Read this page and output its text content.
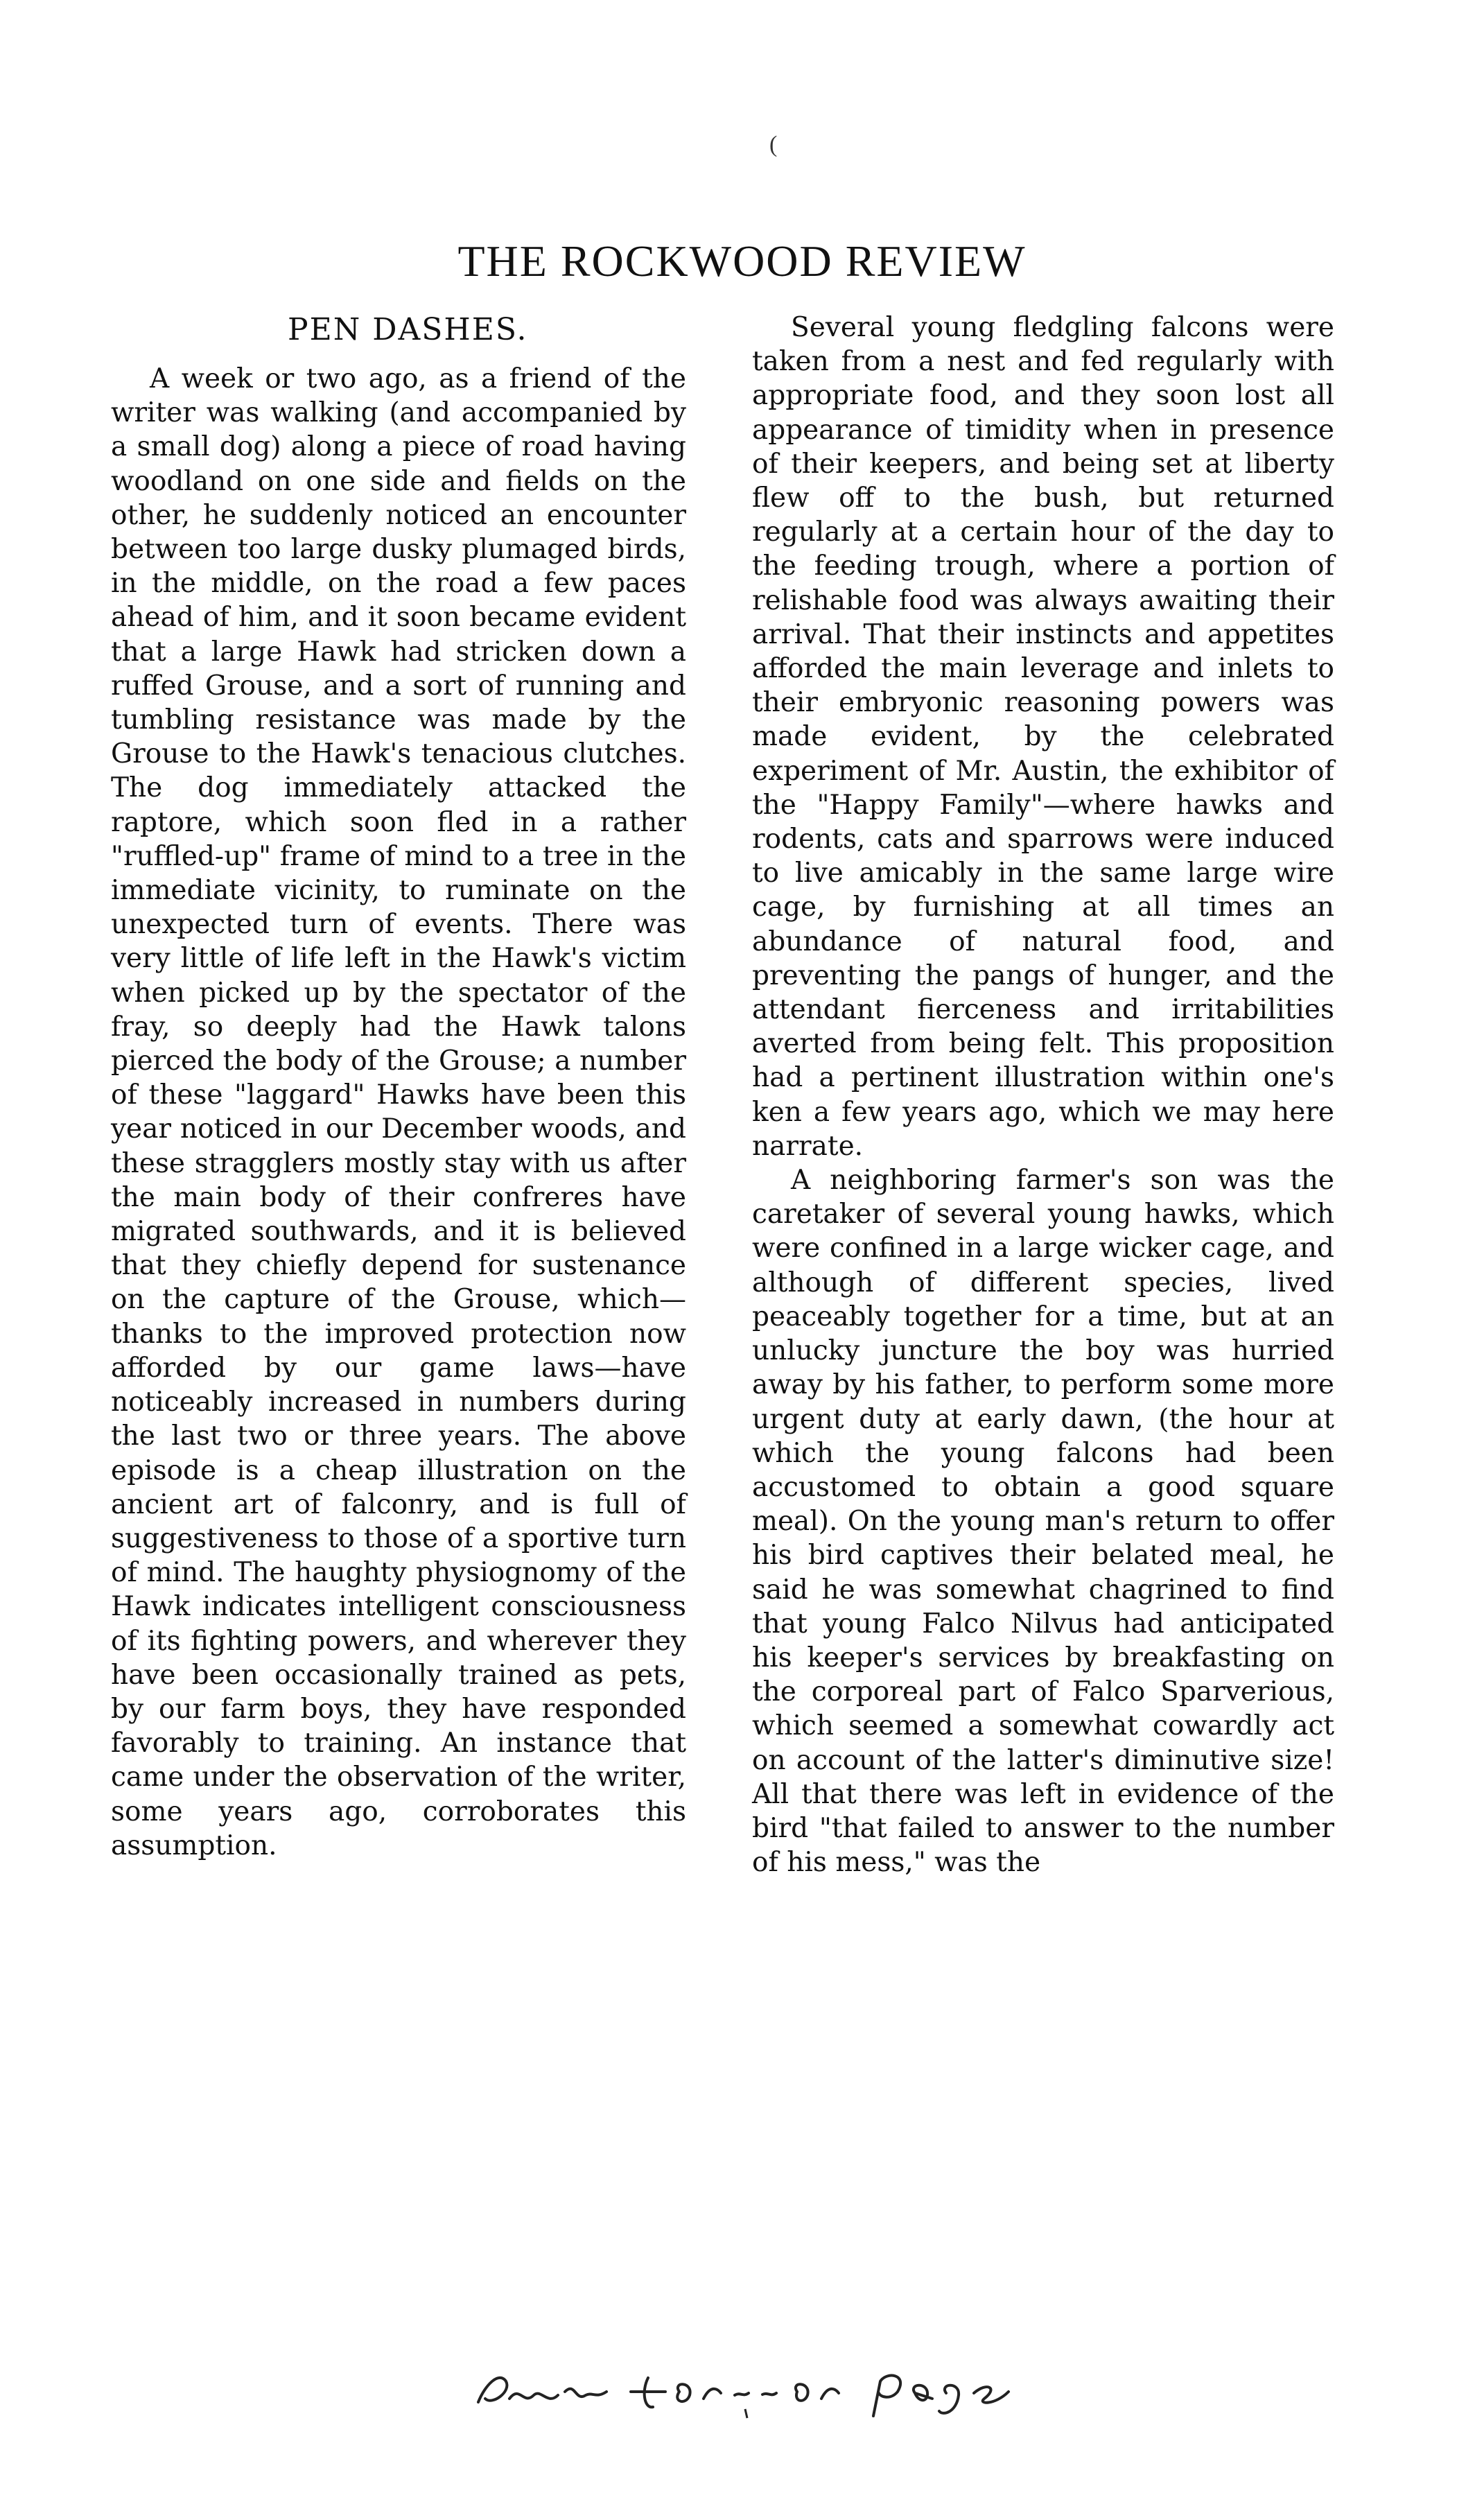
(
THE ROCKWOOD REVIEW
PEN DASHES.

A week or two ago, as a friend of the writer was walking (and accompanied by a small dog) along a piece of road having woodland on one side and fields on the other, he suddenly noticed an encounter between too large dusky plumaged birds, in the middle, on the road a few paces ahead of him, and it soon became evident that a large Hawk had stricken down a ruffed Grouse, and a sort of running and tumbling resistance was made by the Grouse to the Hawk's tenacious clutches. The dog immediately attacked the raptore, which soon fled in a rather "ruffled-up" frame of mind to a tree in the immediate vicinity, to ruminate on the unexpected turn of events. There was very little of life left in the Hawk's victim when picked up by the spectator of the fray, so deeply had the Hawk talons pierced the body of the Grouse; a number of these "laggard" Hawks have been this year noticed in our December woods, and these stragglers mostly stay with us after the main body of their confreres have migrated southwards, and it is believed that they chiefly depend for sustenance on the capture of the Grouse, which—thanks to the improved protection now afforded by our game laws—have noticeably increased in numbers during the last two or three years. The above episode is a cheap illustration on the ancient art of falconry, and is full of suggestiveness to those of a sportive turn of mind. The haughty physiognomy of the Hawk indicates intelligent consciousness of its fighting powers, and wherever they have been occasionally trained as pets, by our farm boys, they have responded favorably to training. An instance that came under the observation of the writer, some years ago, corroborates this assumption.

Several young fledgling falcons were taken from a nest and fed regularly with appropriate food, and they soon lost all appearance of timidity when in presence of their keepers, and being set at liberty flew off to the bush, but returned regularly at a certain hour of the day to the feeding trough, where a portion of relishable food was always awaiting their arrival. That their instincts and appetites afforded the main leverage and inlets to their embryonic reasoning powers was made evident, by the celebrated experiment of Mr. Austin, the exhibitor of the "Happy Family"—where hawks and rodents, cats and sparrows were induced to live amicably in the same large wire cage, by furnishing at all times an abundance of natural food, and preventing the pangs of hunger, and the attendant fierceness and irritabilities averted from being felt. This proposition had a pertinent illustration within one's ken a few years ago, which we may here narrate.

A neighboring farmer's son was the caretaker of several young hawks, which were confined in a large wicker cage, and although of different species, lived peaceably together for a time, but at an unlucky juncture the boy was hurried away by his father, to perform some more urgent duty at early dawn, (the hour at which the young falcons had been accustomed to obtain a good square meal). On the young man's return to offer his bird captives their belated meal, he said he was somewhat chagrined to find that young Falco Nilvus had anticipated his keeper's services by breakfasting on the corporeal part of Falco Sparverious, which seemed a somewhat cowardly act on account of the latter's diminutive size! All that there was left in evidence of the bird "that failed to answer to the number of his mess," was the

See former page
